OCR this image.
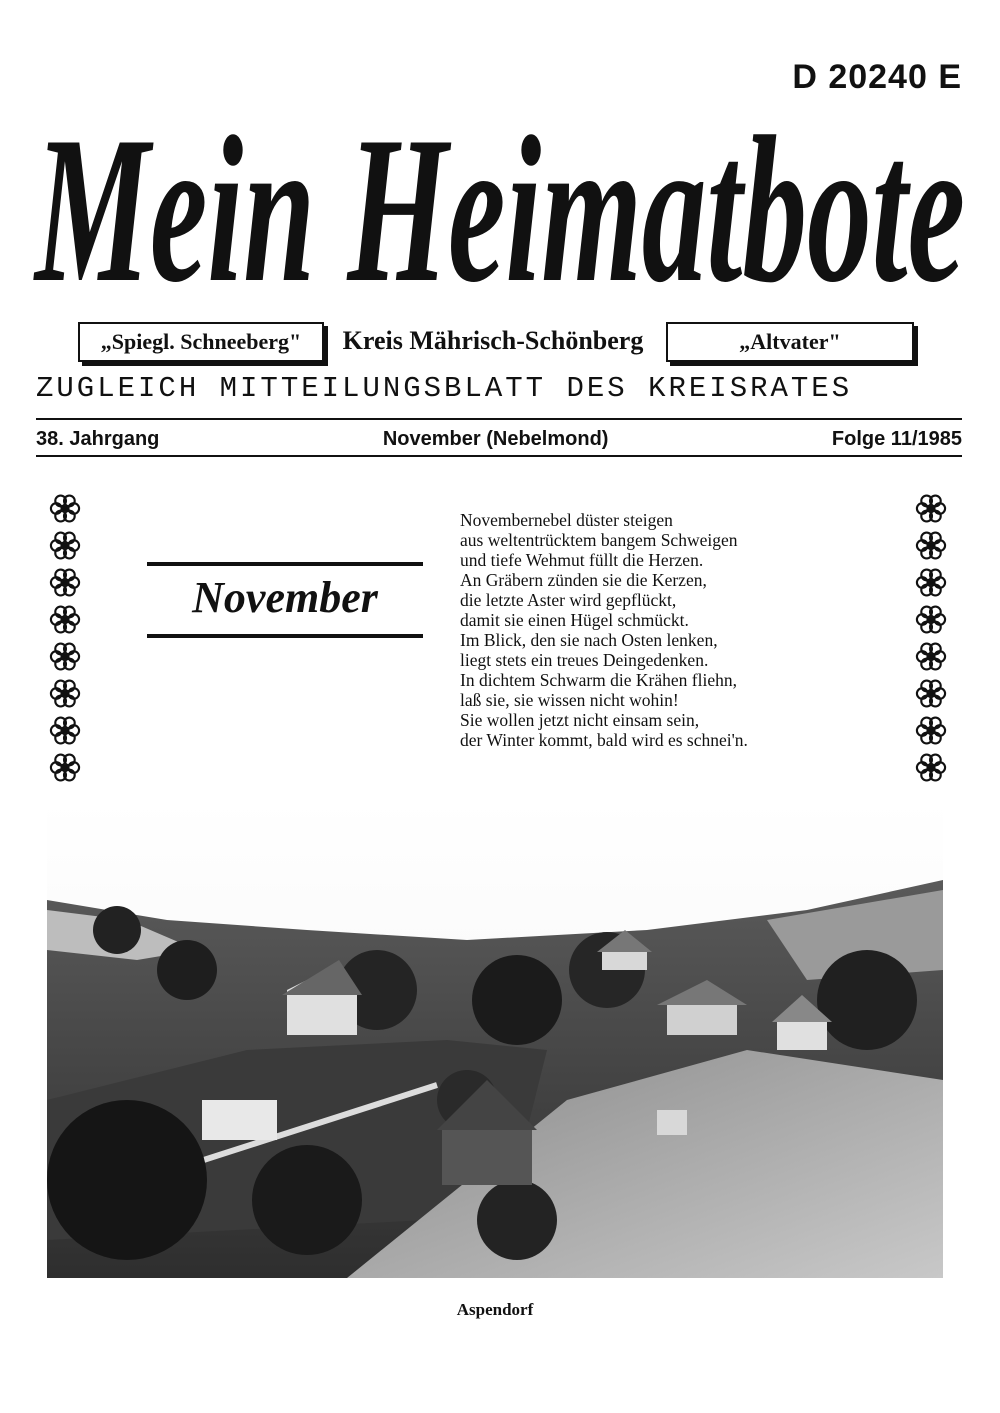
D 20240 E
Mein Heimatbote
„Spiegl. Schneeberg"	Kreis Mährisch-Schönberg	„Altvater"
ZUGLEICH MITTEILUNGSBLATT DES KREISRATES
38. Jahrgang	November (Nebelmond)	Folge 11/1985
November
Novembernebel düster steigen
aus weltentrücktem bangem Schweigen
und tiefe Wehmut füllt die Herzen.
An Gräbern zünden sie die Kerzen,
die letzte Aster wird gepflückt,
damit sie einen Hügel schmückt.
Im Blick, den sie nach Osten lenken,
liegt stets ein treues Deingedenken.
In dichtem Schwarm die Krähen fliehn,
laß sie, sie wissen nicht wohin!
Sie wollen jetzt nicht einsam sein,
der Winter kommt, bald wird es schnei'n.
Aspendorf
